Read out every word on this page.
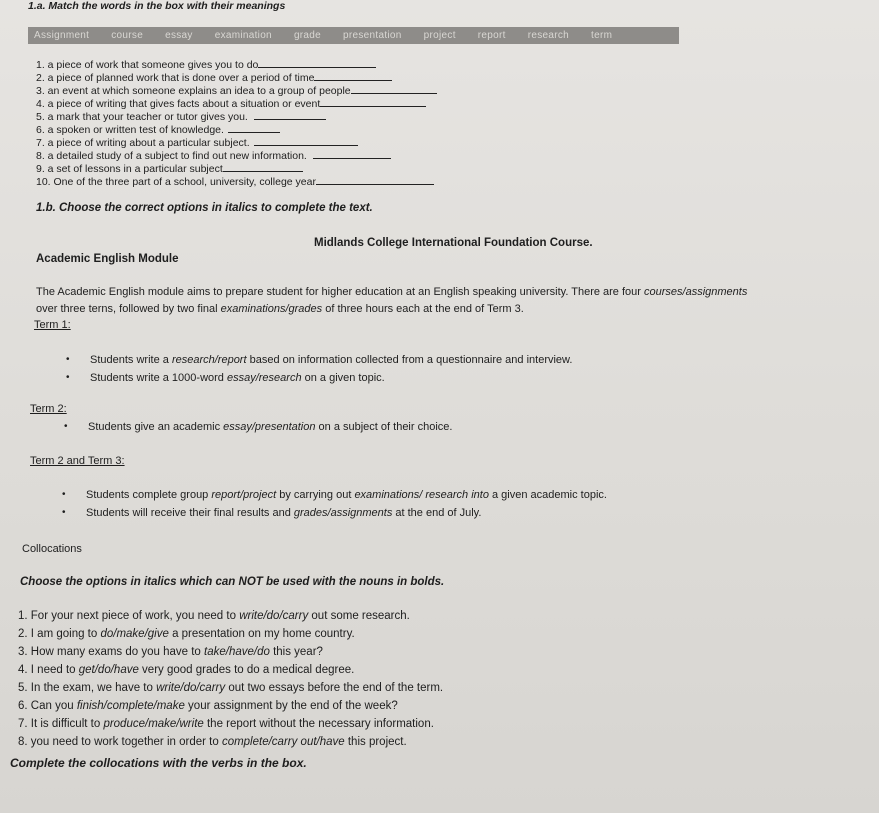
1.a. Match the words in the box with their meanings
Assignment course essay examination grade presentation project report research term
1. a piece of work that someone gives you to do
2. a piece of planned work that is done over a period of time
3. an event at which someone explains an idea to a group of people
4. a piece of writing that gives facts about a situation or event
5. a mark that your teacher or tutor gives you.
6. a spoken or written test of knowledge.
7. a piece of writing about a particular subject.
8. a detailed study of a subject to find out new information.
9. a set of lessons in a particular subject
10. One of the three part of a school, university, college year
1.b. Choose the correct options in italics to complete the text.
Midlands College International Foundation Course.
Academic English Module
The Academic English module aims to prepare student for higher education at an English speaking university. There are four courses/assignments
over three terns, followed by two final examinations/grades of three hours each at the end of Term 3.
Term 1:
• Students write a research/report based on information collected from a questionnaire and interview.
• Students write a 1000-word essay/research on a given topic.
Term 2:
• Students give an academic essay/presentation on a subject of their choice.
Term 2 and Term 3:
• Students complete group report/project by carrying out examinations/ research into a given academic topic.
• Students will receive their final results and grades/assignments at the end of July.
Collocations
Choose the options in italics which can NOT be used with the nouns in bolds.
1. For your next piece of work, you need to write/do/carry out some research.
2. I am going to do/make/give a presentation on my home country.
3. How many exams do you have to take/have/do this year?
4. I need to get/do/have very good grades to do a medical degree.
5. In the exam, we have to write/do/carry out two essays before the end of the term.
6. Can you finish/complete/make your assignment by the end of the week?
7. It is difficult to produce/make/write the report without the necessary information.
8. you need to work together in order to complete/carry out/have this project.
Complete the collocations with the verbs in the box.
